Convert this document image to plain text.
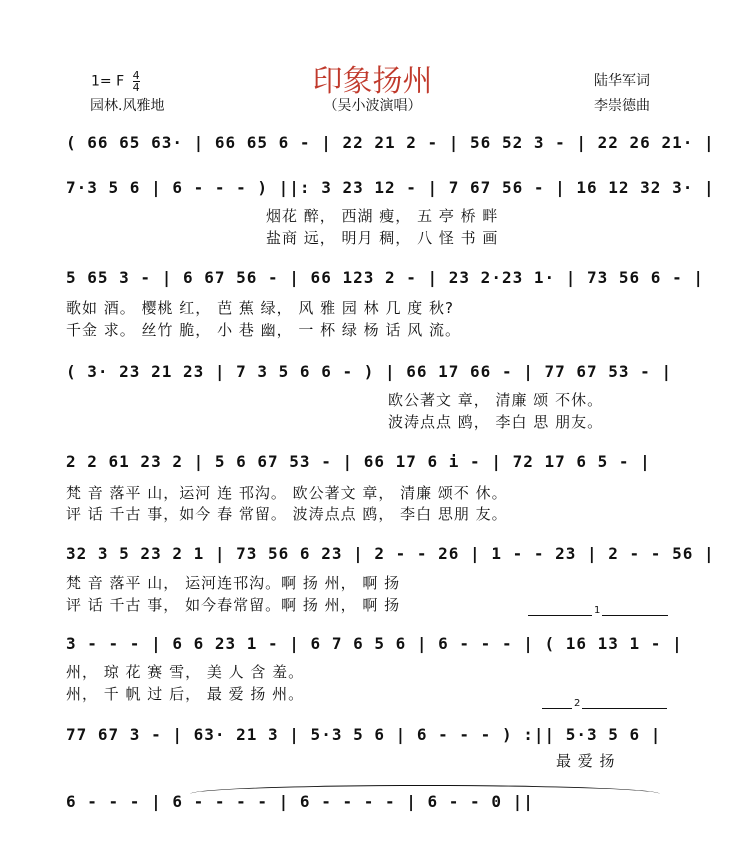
印象扬州
1= F $\frac{4}{4}$
园林.风雅地	（吴小波演唱）
陆华军词
李崇德曲
( 66 65 63· | 66 65 6 - | 22 21 2 - | 56 52 3 - | 22 26 21· |
7·3 5 6 | 6 - - - ) ||: 3 23 12 - | 7 67 56 - | 16 12 32 3· |
烟花 醉， 西湖 瘦， 五 亭 桥 畔
盐商 远， 明月 稠， 八 怪 书 画
5 65 3 - | 6 67 56 - | 66 123 2 - | 23 2·23 1· | 73 56 6 - |
歌如 酒。 樱桃 红， 芭 蕉 绿， 风 雅 园 林 几 度 秋?
千金 求。 丝竹 脆， 小 巷 幽， 一 杯 绿 杨 话 风 流。
( 3· 23 21 23 | 7 3 5 6 6 - ) | 66 17 66 - | 77 67 53 - |
欧公著文 章， 清廉 颂 不休。
波涛点点 鸥， 李白 思 朋友。
2 2 61 23 2 | 5 6 67 53 - | 66 17 6 i - | 72 17 6 5 - |
梵 音 落平 山，运河 连 邗沟。 欧公著文 章， 清廉 颂不 休。
评 话 千古 事，如今 春 常留。 波涛点点 鸥， 李白 思朋 友。
32 3 5 23 2 1 | 73 56 6 23 | 2 - - 26 | 1 - - 23 | 2 - - 56 |
梵 音 落平 山， 运河连邗沟。啊 扬 州， 啊 扬
评 话 千古 事， 如今春常留。啊 扬 州， 啊 扬	1
3 - - - | 6 6 23 1 - | 6 7 6 5 6 | 6 - - - | ( 16 13 1 - |
州， 琼 花 赛 雪， 美 人 含 羞。
州， 千 帆 过 后， 最 爱 扬 州。
2
77 67 3 - | 63· 21 3 | 5·3 5 6 | 6 - - - ) :|| 5·3 5 6 |
最 爱 扬
6 - - - | 6 - - - - | 6 - - - - | 6 - - 0 ||
